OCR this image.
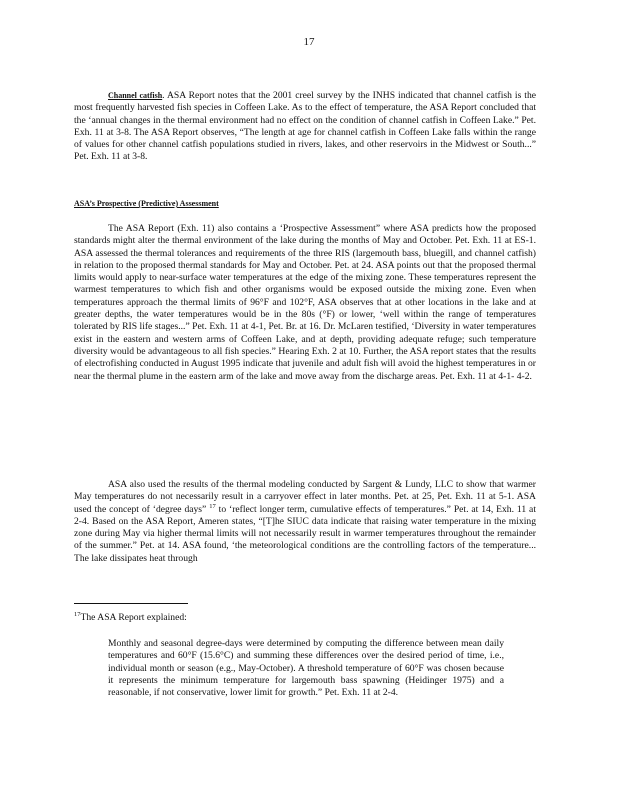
17

Channel catfish. ASA Report notes that the 2001 creel survey by the INHS indicated that channel catfish is the most frequently harvested fish species in Coffeen Lake. As to the effect of temperature, the ASA Report concluded that the ‘annual changes in the thermal environment had no effect on the condition of channel catfish in Coffeen Lake.” Pet. Exh. 11 at 3-8. The ASA Report observes, “The length at age for channel catfish in Coffeen Lake falls within the range of values for other channel catfish populations studied in rivers, lakes, and other reservoirs in the Midwest or South...” Pet. Exh. 11 at 3-8.

ASA’s Prospective (Predictive) Assessment

The ASA Report (Exh. 11) also contains a ‘Prospective Assessment” where ASA predicts how the proposed standards might alter the thermal environment of the lake during the months of May and October. Pet. Exh. 11 at ES-1. ASA assessed the thermal tolerances and requirements of the three RIS (largemouth bass, bluegill, and channel catfish) in relation to the proposed thermal standards for May and October. Pet. at 24. ASA points out that the proposed thermal limits would apply to near-surface water temperatures at the edge of the mixing zone. These temperatures represent the warmest temperatures to which fish and other organisms would be exposed outside the mixing zone. Even when temperatures approach the thermal limits of 96°F and 102°F, ASA observes that at other locations in the lake and at greater depths, the water temperatures would be in the 80s (°F) or lower, ‘well within the range of temperatures tolerated by RIS life stages...” Pet. Exh. 11 at 4-1, Pet. Br. at 16. Dr. McLaren testified, ‘Diversity in water temperatures exist in the eastern and western arms of Coffeen Lake, and at depth, providing adequate refuge; such temperature diversity would be advantageous to all fish species.” Hearing Exh. 2 at 10. Further, the ASA report states that the results of electrofishing conducted in August 1995 indicate that juvenile and adult fish will avoid the highest temperatures in or near the thermal plume in the eastern arm of the lake and move away from the discharge areas. Pet. Exh. 11 at 4-1- 4-2.

ASA also used the results of the thermal modeling conducted by Sargent & Lundy, LLC to show that warmer May temperatures do not necessarily result in a carryover effect in later months. Pet. at 25, Pet. Exh. 11 at 5-1. ASA used the concept of ‘degree days” $^{17}$ to ‘reflect longer term, cumulative effects of temperatures.” Pet. at 14, Exh. 11 at 2-4. Based on the ASA Report, Ameren states, “[T]he SIUC data indicate that raising water temperature in the mixing zone during May via higher thermal limits will not necessarily result in warmer temperatures throughout the remainder of the summer.” Pet. at 14. ASA found, ‘the meteorological conditions are the controlling factors of the temperature... The lake dissipates heat through

$^{17}$The ASA Report explained:
Monthly and seasonal degree-days were determined by computing the difference between mean daily temperatures and 60°F (15.6°C) and summing these differences over the desired period of time, i.e., individual month or season (e.g., May-October). A threshold temperature of 60°F was chosen because it represents the minimum temperature for largemouth bass spawning (Heidinger 1975) and a reasonable, if not conservative, lower limit for growth.” Pet. Exh. 11 at 2-4.
